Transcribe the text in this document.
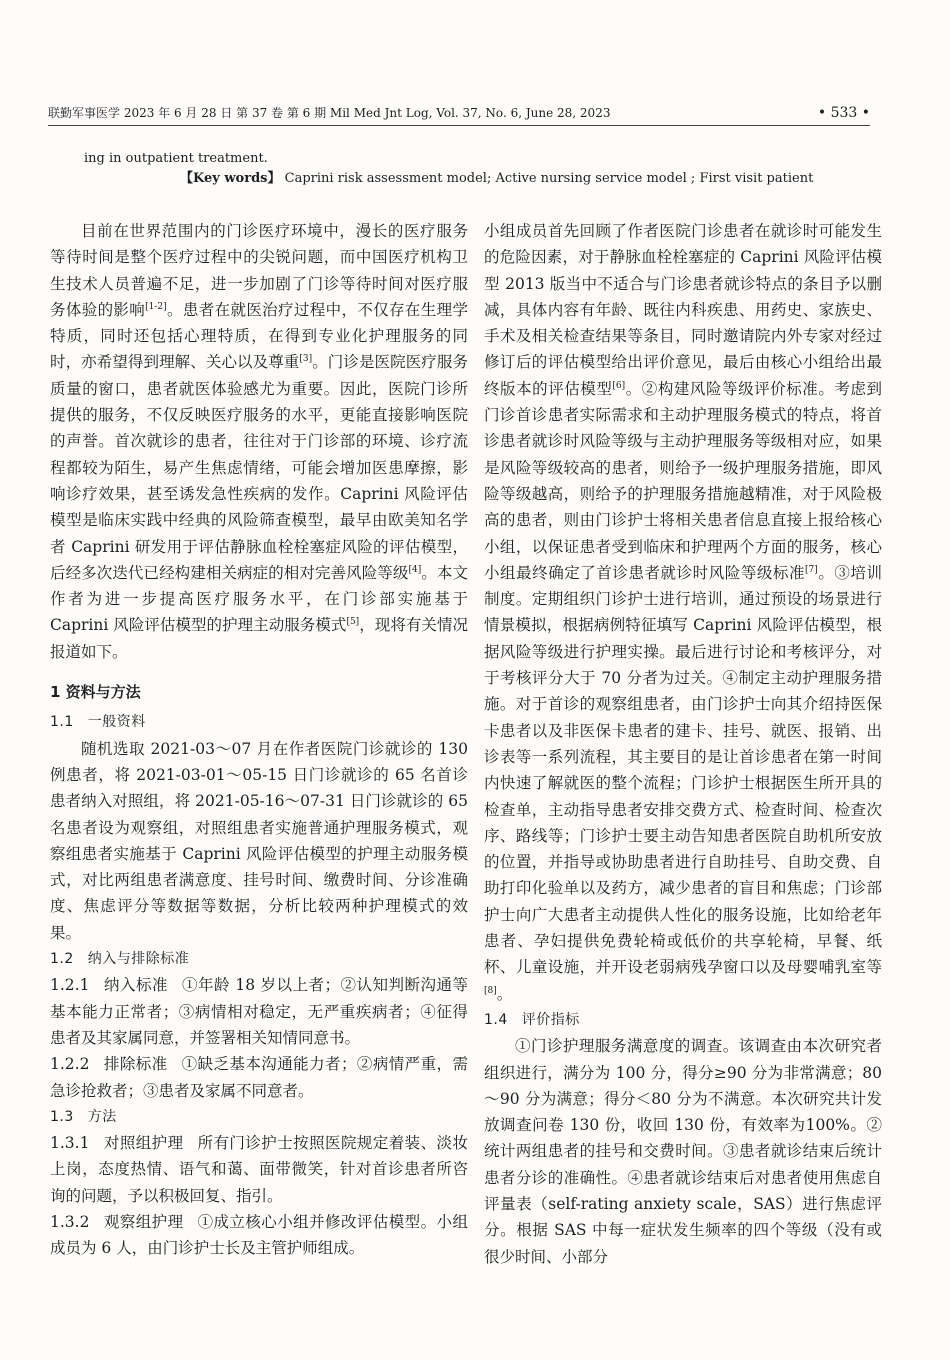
联勤军事医学 2023 年 6 月 28 日 第 37 卷 第 6 期 Mil Med Jnt Log, Vol. 37, No. 6, June 28, 2023	• 533 •
ing in outpatient treatment.
【Key words】 Caprini risk assessment model; Active nursing service model ; First visit patient

目前在世界范围内的门诊医疗环境中，漫长的医疗服务等待时间是整个医疗过程中的尖锐问题，而中国医疗机构卫生技术人员普遍不足，进一步加剧了门诊等待时间对医疗服务体验的影响[1-2]。患者在就医治疗过程中，不仅存在生理学特质，同时还包括心理特质，在得到专业化护理服务的同时，亦希望得到理解、关心以及尊重[3]。门诊是医院医疗服务质量的窗口，患者就医体验感尤为重要。因此，医院门诊所提供的服务，不仅反映医疗服务的水平，更能直接影响医院的声誉。首次就诊的患者，往往对于门诊部的环境、诊疗流程都较为陌生，易产生焦虑情绪，可能会增加医患摩擦，影响诊疗效果，甚至诱发急性疾病的发作。Caprini 风险评估模型是临床实践中经典的风险筛查模型，最早由欧美知名学者 Caprini 研发用于评估静脉血栓栓塞症风险的评估模型，后经多次迭代已经构建相关病症的相对完善风险等级[4]。本文作者为进一步提高医疗服务水平，在门诊部实施基于 Caprini 风险评估模型的护理主动服务模式[5]，现将有关情况报道如下。

1 资料与方法
1.1 一般资料

随机选取 2021-03～07 月在作者医院门诊就诊的 130 例患者，将 2021-03-01～05-15 日门诊就诊的 65 名首诊患者纳入对照组，将 2021-05-16～07-31 日门诊就诊的 65 名患者设为观察组，对照组患者实施普通护理服务模式，观察组患者实施基于 Caprini 风险评估模型的护理主动服务模式，对比两组患者满意度、挂号时间、缴费时间、分诊准确度、焦虑评分等数据等数据，分析比较两种护理模式的效果。

1.2 纳入与排除标准

1.2.1 纳入标准 ①年龄 18 岁以上者；②认知判断沟通等基本能力正常者；③病情相对稳定，无严重疾病者；④征得患者及其家属同意，并签署相关知情同意书。

1.2.2 排除标准 ①缺乏基本沟通能力者；②病情严重，需急诊抢救者；③患者及家属不同意者。

1.3 方法

1.3.1 对照组护理 所有门诊护士按照医院规定着装、淡妆上岗，态度热情、语气和蔼、面带微笑，针对首诊患者所咨询的问题，予以积极回复、指引。

1.3.2 观察组护理 ①成立核心小组并修改评估模型。小组成员为 6 人，由门诊护士长及主管护师组成。

小组成员首先回顾了作者医院门诊患者在就诊时可能发生的危险因素，对于静脉血栓栓塞症的 Caprini 风险评估模型 2013 版当中不适合与门诊患者就诊特点的条目予以删减，具体内容有年龄、既往内科疾患、用药史、家族史、手术及相关检查结果等条目，同时邀请院内外专家对经过修订后的评估模型给出评价意见，最后由核心小组给出最终版本的评估模型[6]。②构建风险等级评价标准。考虑到门诊首诊患者实际需求和主动护理服务模式的特点，将首诊患者就诊时风险等级与主动护理服务等级相对应，如果是风险等级较高的患者，则给予一级护理服务措施，即风险等级越高，则给予的护理服务措施越精准，对于风险极高的患者，则由门诊护士将相关患者信息直接上报给核心小组，以保证患者受到临床和护理两个方面的服务，核心小组最终确定了首诊患者就诊时风险等级标准[7]。③培训制度。定期组织门诊护士进行培训，通过预设的场景进行情景模拟，根据病例特征填写 Caprini 风险评估模型，根据风险等级进行护理实操。最后进行讨论和考核评分，对于考核评分大于 70 分者为过关。④制定主动护理服务措施。对于首诊的观察组患者，由门诊护士向其介绍持医保卡患者以及非医保卡患者的建卡、挂号、就医、报销、出诊表等一系列流程，其主要目的是让首诊患者在第一时间内快速了解就医的整个流程；门诊护士根据医生所开具的检查单，主动指导患者安排交费方式、检查时间、检查次序、路线等；门诊护士要主动告知患者医院自助机所安放的位置，并指导或协助患者进行自助挂号、自助交费、自助打印化验单以及药方，减少患者的盲目和焦虑；门诊部护士向广大患者主动提供人性化的服务设施，比如给老年患者、孕妇提供免费轮椅或低价的共享轮椅，早餐、纸杯、儿童设施，并开设老弱病残孕窗口以及母婴哺乳室等[8]。

1.4 评价指标

①门诊护理服务满意度的调查。该调查由本次研究者组织进行，满分为 100 分，得分≥90 分为非常满意；80～90 分为满意；得分＜80 分为不满意。本次研究共计发放调查问卷 130 份，收回 130 份，有效率为100%。②统计两组患者的挂号和交费时间。③患者就诊结束后统计患者分诊的准确性。④患者就诊结束后对患者使用焦虑自评量表（self-rating anxiety scale，SAS）进行焦虑评分。根据 SAS 中每一症状发生频率的四个等级（没有或很少时间、小部分
